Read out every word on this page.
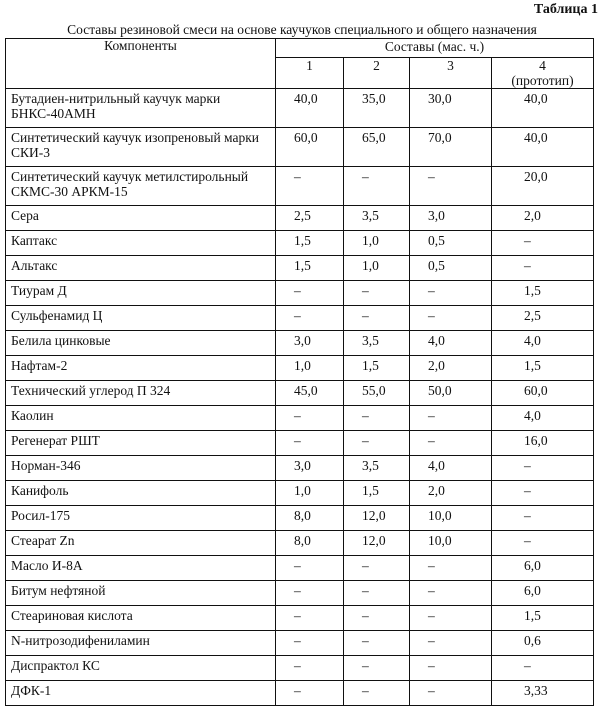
Таблица 1
Составы резиновой смеси на основе каучуков специального и общего назначения
Компоненты	Составы (мас. ч.)			
	1	2	3	4
(прототип)

Бутадиен-нитрильный каучук марки БНКС-40АМН	40,0	35,0	30,0	40,0
Синтетический каучук изопреновый марки СКИ-3	60,0	65,0	70,0	40,0
Синтетический каучук метилстирольный СКМС-30 АРКМ-15	–	–	–	20,0
Сера	2,5	3,5	3,0	2,0
Каптакс	1,5	1,0	0,5	–
Альтакс	1,5	1,0	0,5	–
Тиурам Д	–	–	–	1,5
Сульфенамид Ц	–	–	–	2,5
Белила цинковые	3,0	3,5	4,0	4,0
Нафтам-2	1,0	1,5	2,0	1,5
Технический углерод П 324	45,0	55,0	50,0	60,0
Каолин	–	–	–	4,0
Регенерат РШТ	–	–	–	16,0
Норман-346	3,0	3,5	4,0	–
Канифоль	1,0	1,5	2,0	–
Росил-175	8,0	12,0	10,0	–
Стеарат Zn	8,0	12,0	10,0	–
Масло И-8А	–	–	–	6,0
Битум нефтяной	–	–	–	6,0
Стеариновая кислота	–	–	–	1,5
N-нитрозодифениламин	–	–	–	0,6
Диспрактол КС	–	–	–	–
ДФК-1	–	–	–	3,33
